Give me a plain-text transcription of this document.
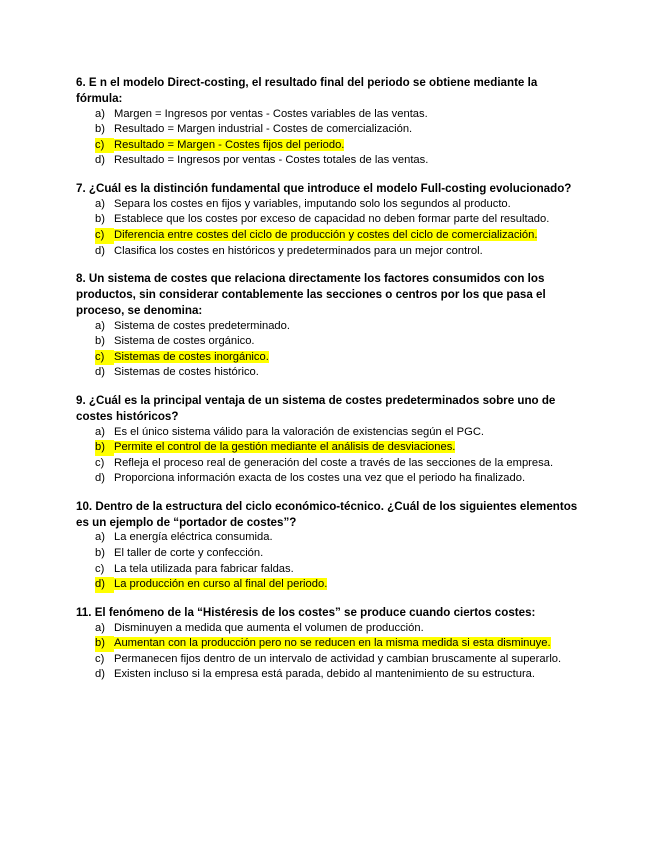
6. E n el modelo Direct-costing, el resultado final del periodo se obtiene mediante la fórmula:

a) Margen = Ingresos por ventas - Costes variables de las ventas.
b) Resultado = Margen industrial - Costes de comercialización.
c) Resultado = Margen - Costes fijos del periodo.
d) Resultado = Ingresos por ventas - Costes totales de las ventas.

7. ¿Cuál es la distinción fundamental que introduce el modelo Full-costing evolucionado?

a) Separa los costes en fijos y variables, imputando solo los segundos al producto.
b) Establece que los costes por exceso de capacidad no deben formar parte del resultado.
c) Diferencia entre costes del ciclo de producción y costes del ciclo de comercialización.
d) Clasifica los costes en históricos y predeterminados para un mejor control.

8. Un sistema de costes que relaciona directamente los factores consumidos con los productos, sin considerar contablemente las secciones o centros por los que pasa el proceso, se denomina:

a) Sistema de costes predeterminado.
b) Sistema de costes orgánico.
c) Sistemas de costes inorgánico.
d) Sistemas de costes histórico.

9. ¿Cuál es la principal ventaja de un sistema de costes predeterminados sobre uno de costes históricos?

a) Es el único sistema válido para la valoración de existencias según el PGC.
b) Permite el control de la gestión mediante el análisis de desviaciones.
c) Refleja el proceso real de generación del coste a través de las secciones de la empresa.
d) Proporciona información exacta de los costes una vez que el periodo ha finalizado.

10. Dentro de la estructura del ciclo económico-técnico. ¿Cuál de los siguientes elementos es un ejemplo de “portador de costes”?

a) La energía eléctrica consumida.
b) El taller de corte y confección.
c) La tela utilizada para fabricar faldas.
d) La producción en curso al final del periodo.

11. El fenómeno de la “Histéresis de los costes” se produce cuando ciertos costes:

a) Disminuyen a medida que aumenta el volumen de producción.
b) Aumentan con la producción pero no se reducen en la misma medida si esta disminuye.
c) Permanecen fijos dentro de un intervalo de actividad y cambian bruscamente al superarlo.
d) Existen incluso si la empresa está parada, debido al mantenimiento de su estructura.
